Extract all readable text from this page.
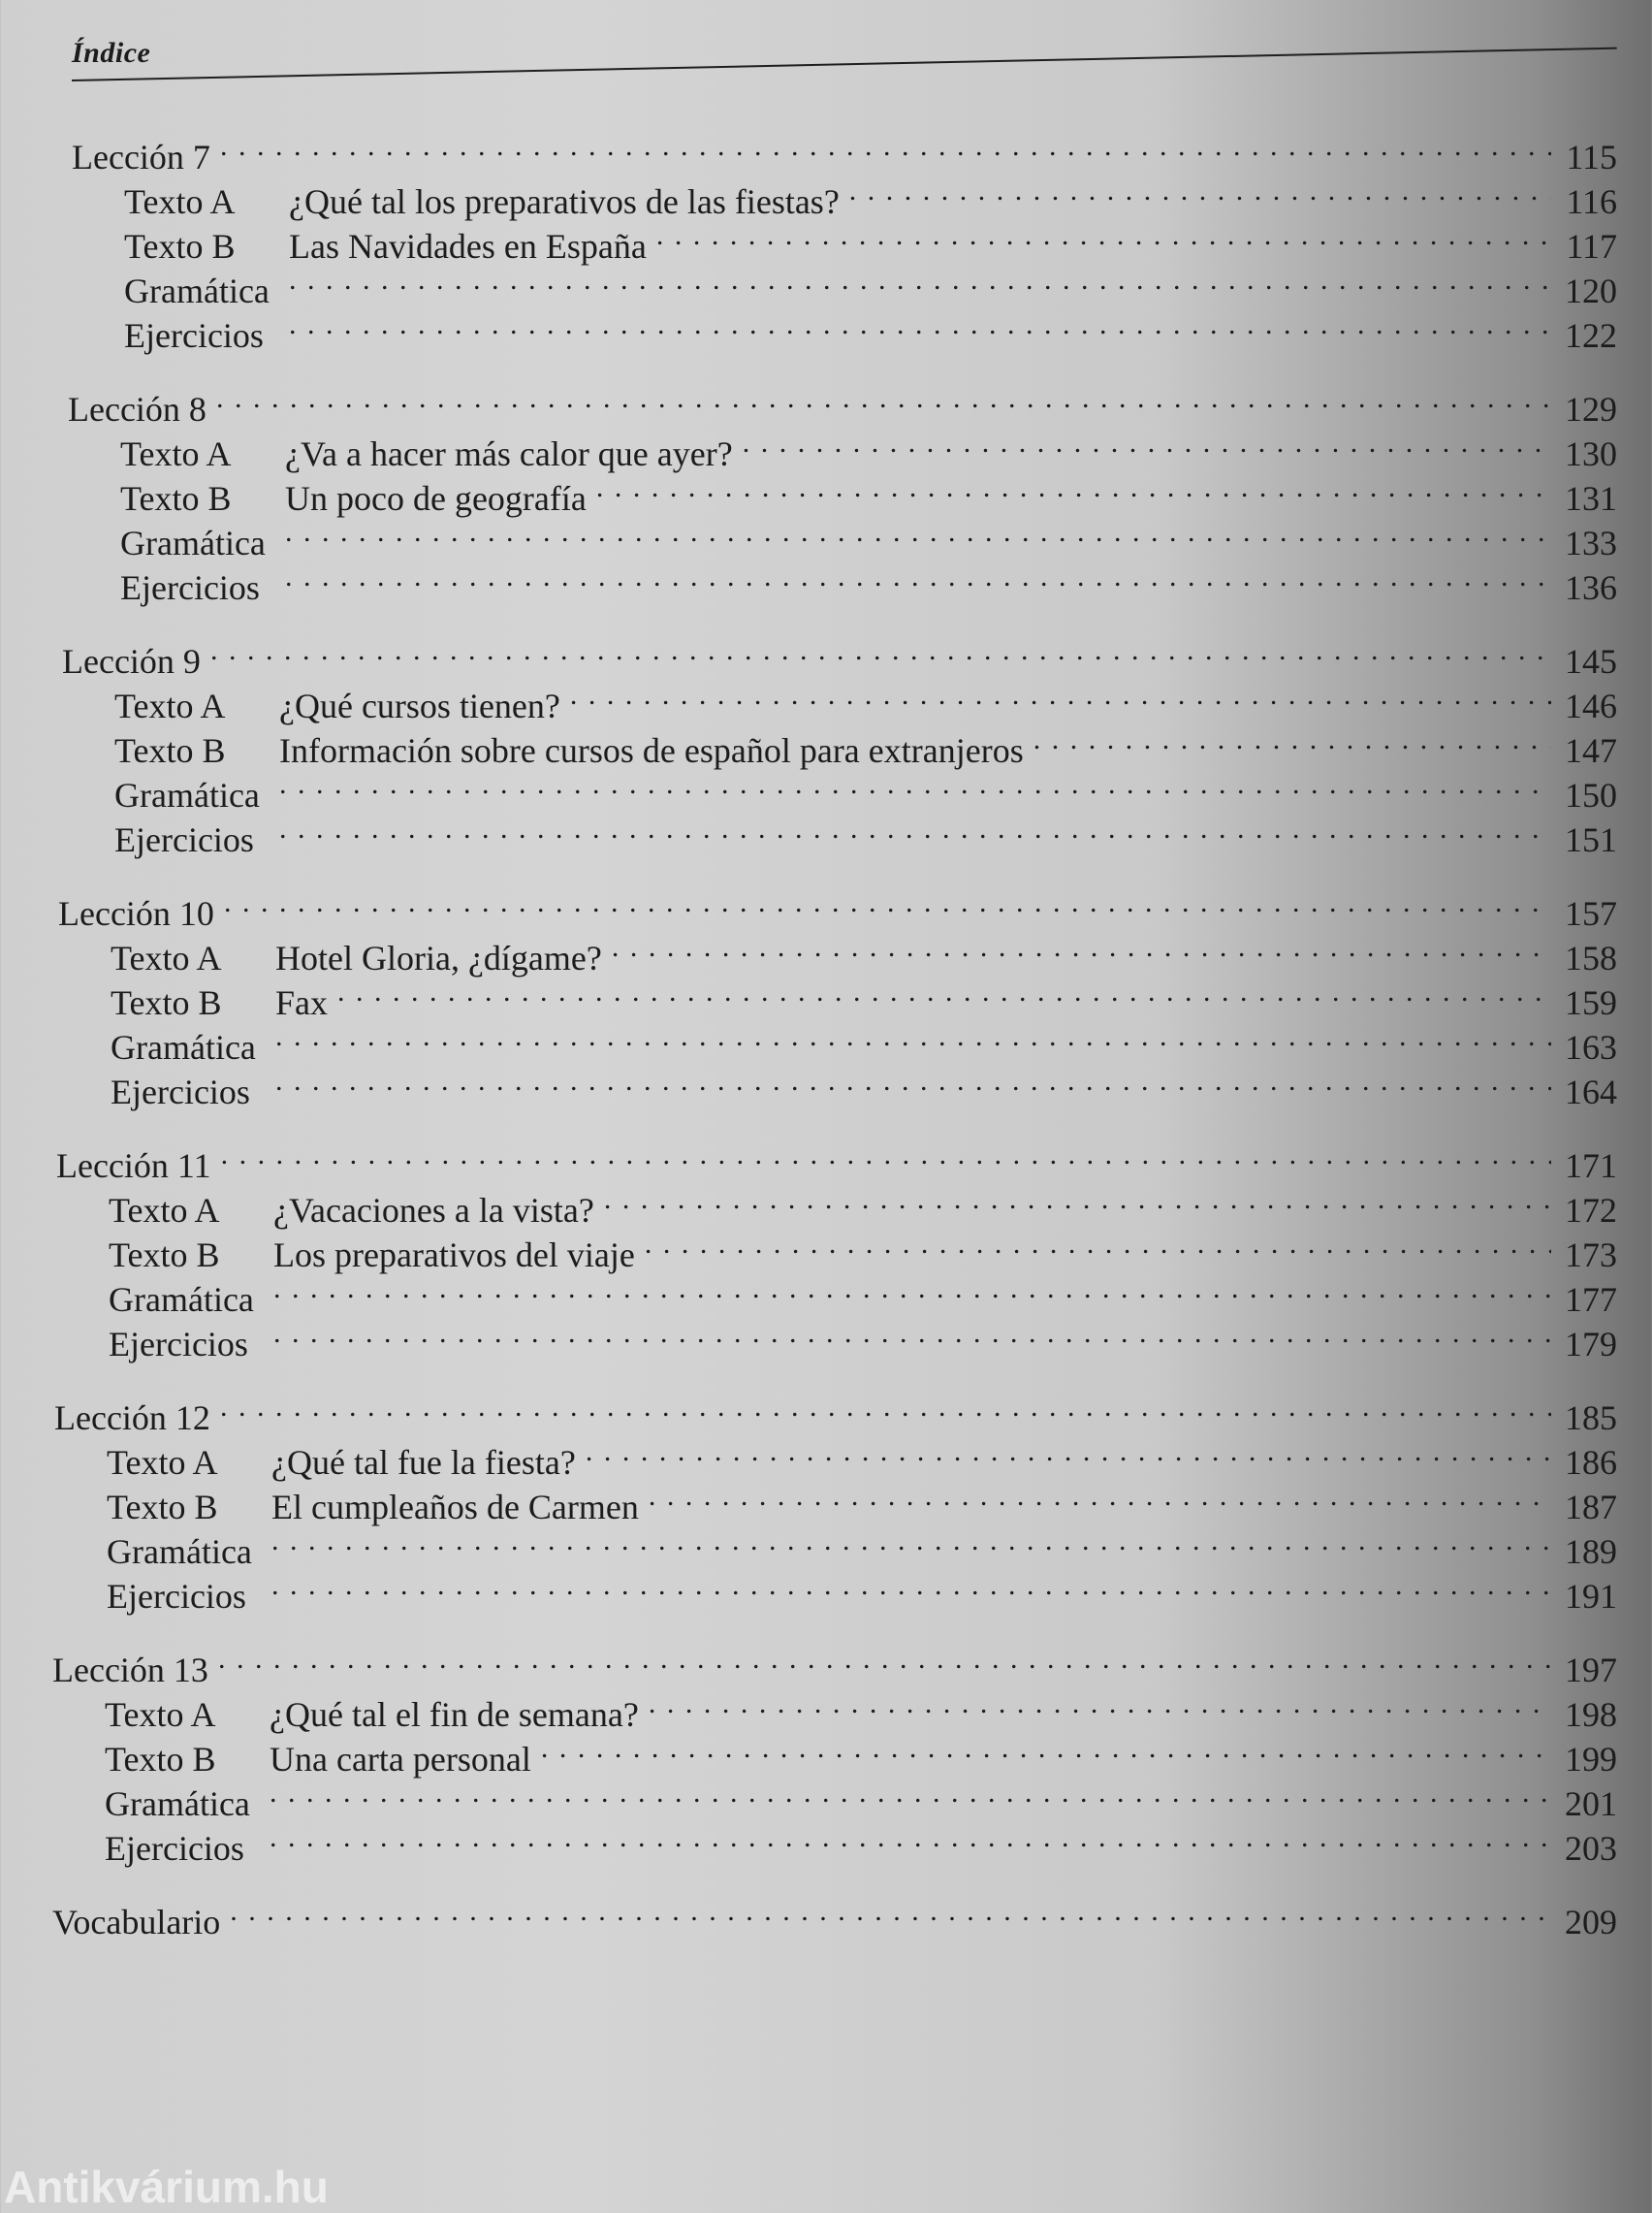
Índice
Lección 7 . . .	115
Texto A	¿Qué tal los preparativos de las fiestas? . . .	116
Texto B	Las Navidades en España . . .	117
Gramática . . .	120
Ejercicios . . .	122
Lección 8 . . .	129
Texto A	¿Va a hacer más calor que ayer? . . .	130
Texto B	Un poco de geografía . . .	131
Gramática . . .	133
Ejercicios . . .	136
Lección 9 . . .	145
Texto A	¿Qué cursos tienen? . . .	146
Texto B	Información sobre cursos de español para extranjeros . . .	147
Gramática . . .	150
Ejercicios . . .	151
Lección 10 . . .	157
Texto A	Hotel Gloria, ¿dígame? . . .	158
Texto B	Fax . . .	159
Gramática . . .	163
Ejercicios . . .	164
Lección 11 . . .	171
Texto A	¿Vacaciones a la vista? . . .	172
Texto B	Los preparativos del viaje . . .	173
Gramática . . .	177
Ejercicios . . .	179
Lección 12 . . .	185
Texto A	¿Qué tal fue la fiesta? . . .	186
Texto B	El cumpleaños de Carmen . . .	187
Gramática . . .	189
Ejercicios . . .	191
Lección 13 . . .	197
Texto A	¿Qué tal el fin de semana? . . .	198
Texto B	Una carta personal . . .	199
Gramática . . .	201
Ejercicios . . .	203
Vocabulario . . .	209
Antikvárium.hu
